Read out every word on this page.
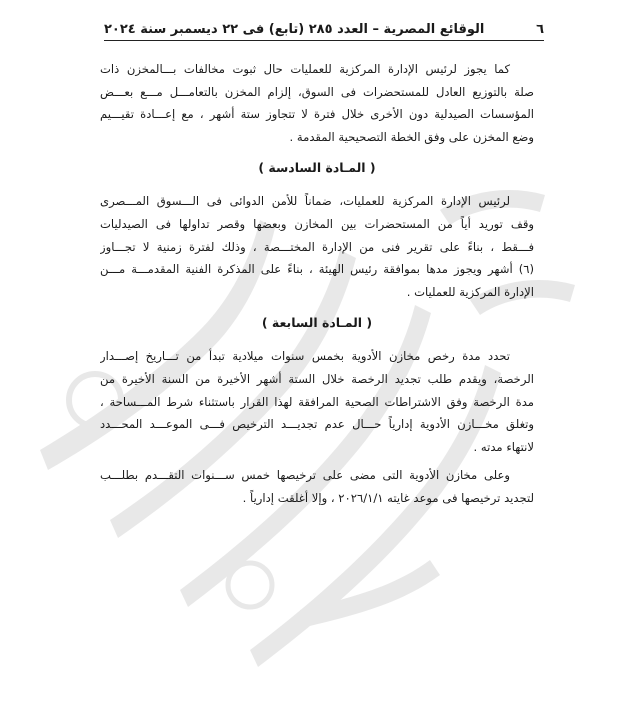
٦
الوقائع المصرية – العدد ٢٨٥ (تابع) فى ٢٢ ديسمبر سنة ٢٠٢٤

كما يجوز لرئيس الإدارة المركزية للعمليات حال ثبوت مخالفات بـــالمخزن ذات
صلة بالتوزيع العادل للمستحضرات فى السوق، إلزام المخزن بالتعامـــل مـــع بعـــض
المؤسسات الصيدلية دون الأخرى خلال فترة لا تتجاوز ستة أشهر ، مع إعـــادة تقيـــيم
وضع المخزن على وفق الخطة التصحيحية المقدمة .

( المـادة السادسة )

لرئيس الإدارة المركزية للعمليات، ضماناً للأمن الدوائى فى الـــسوق المـــصرى
وقف توريد أياً من المستحضرات بين المخازن وبعضها وقصر تداولها فى الصيدليات
فـــقط ، بناءً على تقرير فنى من الإدارة المختـــصة ، وذلك لفترة زمنية لا تجـــاوز
(٦) أشهر ويجوز مدها بموافقة رئيس الهيئة ، بناءً على المذكرة الفنية المقدمـــة مـــن
الإدارة المركزية للعمليات .

( المـادة السابعة )

تحدد مدة رخص مخازن الأدوية بخمس سنوات ميلادية تبدأ من تـــاريخ إصـــدار
الرخصة، ويقدم طلب تجديد الرخصة خلال الستة أشهر الأخيرة من السنة الأخيرة من
مدة الرخصة وفق الاشتراطات الصحية المرافقة لهذا القرار باستثناء شرط المـــساحة ،
وتغلق مخـــازن الأدوية إدارياً حـــال عدم تجديـــد الترخيص فـــى الموعـــد المحـــدد
لانتهاء مدته .

وعلى مخازن الأدوية التى مضى على ترخيصها خمس ســـنوات التقـــدم بطلـــب
لتجديد ترخيصها فى موعد غايته ٢٠٢٦/١/١ ، وإلا أغلقت إدارياً .
